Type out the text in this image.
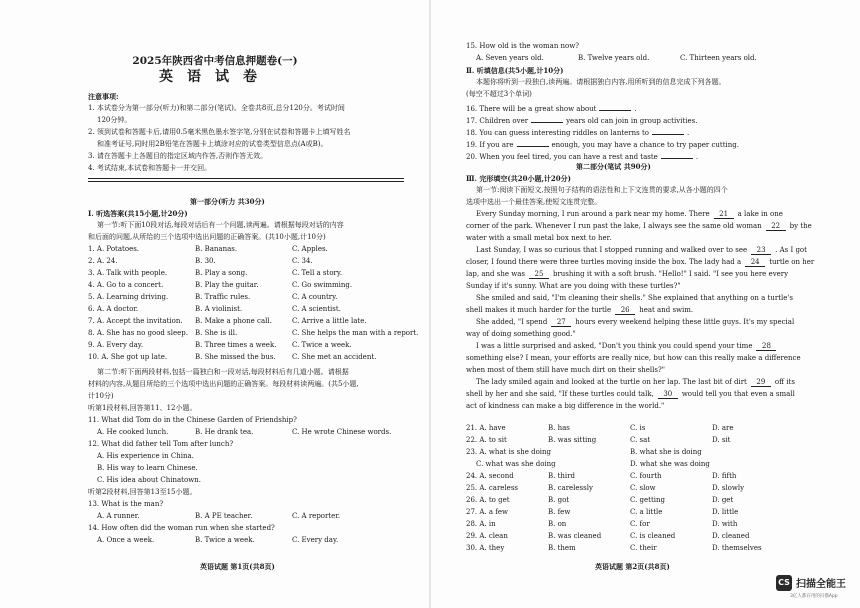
2025年陕西省中考信息押题卷(一)
英语试卷
注意事项:
1. 本试卷分为第一部分(听力)和第二部分(笔试)。全卷共8页,总分120分。考试时间
120分钟。
2. 领到试卷和答题卡后,请用0.5毫米黑色墨水签字笔,分别在试卷和答题卡上填写姓名
和准考证号,同时用2B铅笔在答题卡上填涂对应的试卷类型信息点(A或B)。
3. 请在答题卡上各题目的指定区域内作答,否则作答无效。
4. 考试结束,本试卷和答题卡一并交回。
第一部分(听力 共30分)
Ⅰ. 听选答案(共15小题,计20分)
第一节:听下面10段对话,每段对话后有一个问题,读两遍。请根据每段对话的内容
和后面的问题,从所给的三个选项中选出问题的正确答案。(共10小题,计10分)
1. A. Potatoes.	B. Bananas.	C. Apples.
2. A. 24.	B. 30.	C. 34.
3. A. Talk with people.	B. Play a song.	C. Tell a story.
4. A. Go to a concert.	B. Play the guitar.	C. Go swimming.
5. A. Learning driving.	B. Traffic rules.	C. A country.
6. A. A doctor.	B. A violinist.	C. A scientist.
7. A. Accept the invitation. B. Make a phone call.	C. Arrive a little late.
8. A. She has no good sleep. B. She is ill.	C. She helps the man with a report.
9. A. Every day.	B. Three times a week. C. Twice a week.
10. A. She got up late.	B. She missed the bus. C. She met an accident.
第二节:听下面两段材料,包括一篇独白和一段对话,每段材料后有几道小题。请根据
材料的内容,从题目所给的三个选项中选出问题的正确答案。每段材料读两遍。(共5小题,
计10分)
听第1段材料,回答第11、12小题。
11. What did Tom do in the Chinese Garden of Friendship?
A. He cooked lunch.	B. He drank tea.	C. He wrote Chinese words.
12. What did father tell Tom after lunch?
A. His experience in China.
B. His way to learn Chinese.
C. His idea about Chinatown.
听第2段材料,回答第13至15小题。
13. What is the man?
A. A runner.	B. A PE teacher.	C. A reporter.
14. How often did the woman run when she started?
A. Once a week.	B. Twice a week.	C. Every day.
英语试题 第1页(共8页)
15. How old is the woman now?
A. Seven years old.	B. Twelve years old.	C. Thirteen years old.
Ⅱ. 听填信息(共5小题,计10分)
本题你将听到一段独白,读两遍。请根据独白内容,用所听到的信息完成下列各题。
(每空不超过3个单词)
16. There will be a great show about	.
17. Children over	years old can join in group activities.
18. You can guess interesting riddles on lanterns to	.
19. If you are	enough, you may have a chance to try paper cutting.
20. When you feel tired, you can have a rest and taste	.
第二部分(笔试 共90分)
Ⅲ. 完形填空(共20小题,计20分)
第一节:阅读下面短文,按照句子结构的语法性和上下文连贯的要求,从各小题的四个
选项中选出一个最佳答案,使短文连贯完整。
Every Sunday morning, I run around a park near my home. There 21 a lake in one
corner of the park. Whenever I run past the lake, I always see the same old woman 22 by the
water with a small metal box next to her.
Last Sunday, I was so curious that I stopped running and walked over to see 23 . As I got
closer, I found there were three turtles moving inside the box. The lady had a 24 turtle on her
lap, and she was 25 brushing it with a soft brush. "Hello!" I said. "I see you here every
Sunday if it's sunny. What are you doing with these turtles?"
She smiled and said, "I'm cleaning their shells." She explained that anything on a turtle's
shell makes it much harder for the turtle 26 heat and swim.
She added, "I spend 27 hours every weekend helping these little guys. It's my special
way of doing something good."
I was a little surprised and asked, "Don't you think you could spend your time 28
something else? I mean, your efforts are really nice, but how can this really make a difference
when most of them still have much dirt on their shells?"
The lady smiled again and looked at the turtle on her lap. The last bit of dirt 29 off its
shell by her and she said, "If these turtles could talk, 30 would tell you that even a small
act of kindness can make a big difference in the world."
21. A. have	B. has	C. is	D. are
22. A. to sit	B. was sitting	C. sat	D. sit
23. A. what is she doing	B. what she is doing
C. what was she doing	D. what she was doing
24. A. second	B. third	C. fourth	D. fifth
25. A. careless	B. carelessly	C. slow	D. slowly
26. A. to get	B. got	C. getting	D. get
27. A. a few	B. few	C. a little	D. little
28. A. in	B. on	C. for	D. with
29. A. clean	B. was cleaned	C. is cleaned	D. cleaned
30. A. they	B. them	C. their	D. themselves
英语试题 第2页(共8页)
CS 扫描全能王
3亿人都在用的扫描App
